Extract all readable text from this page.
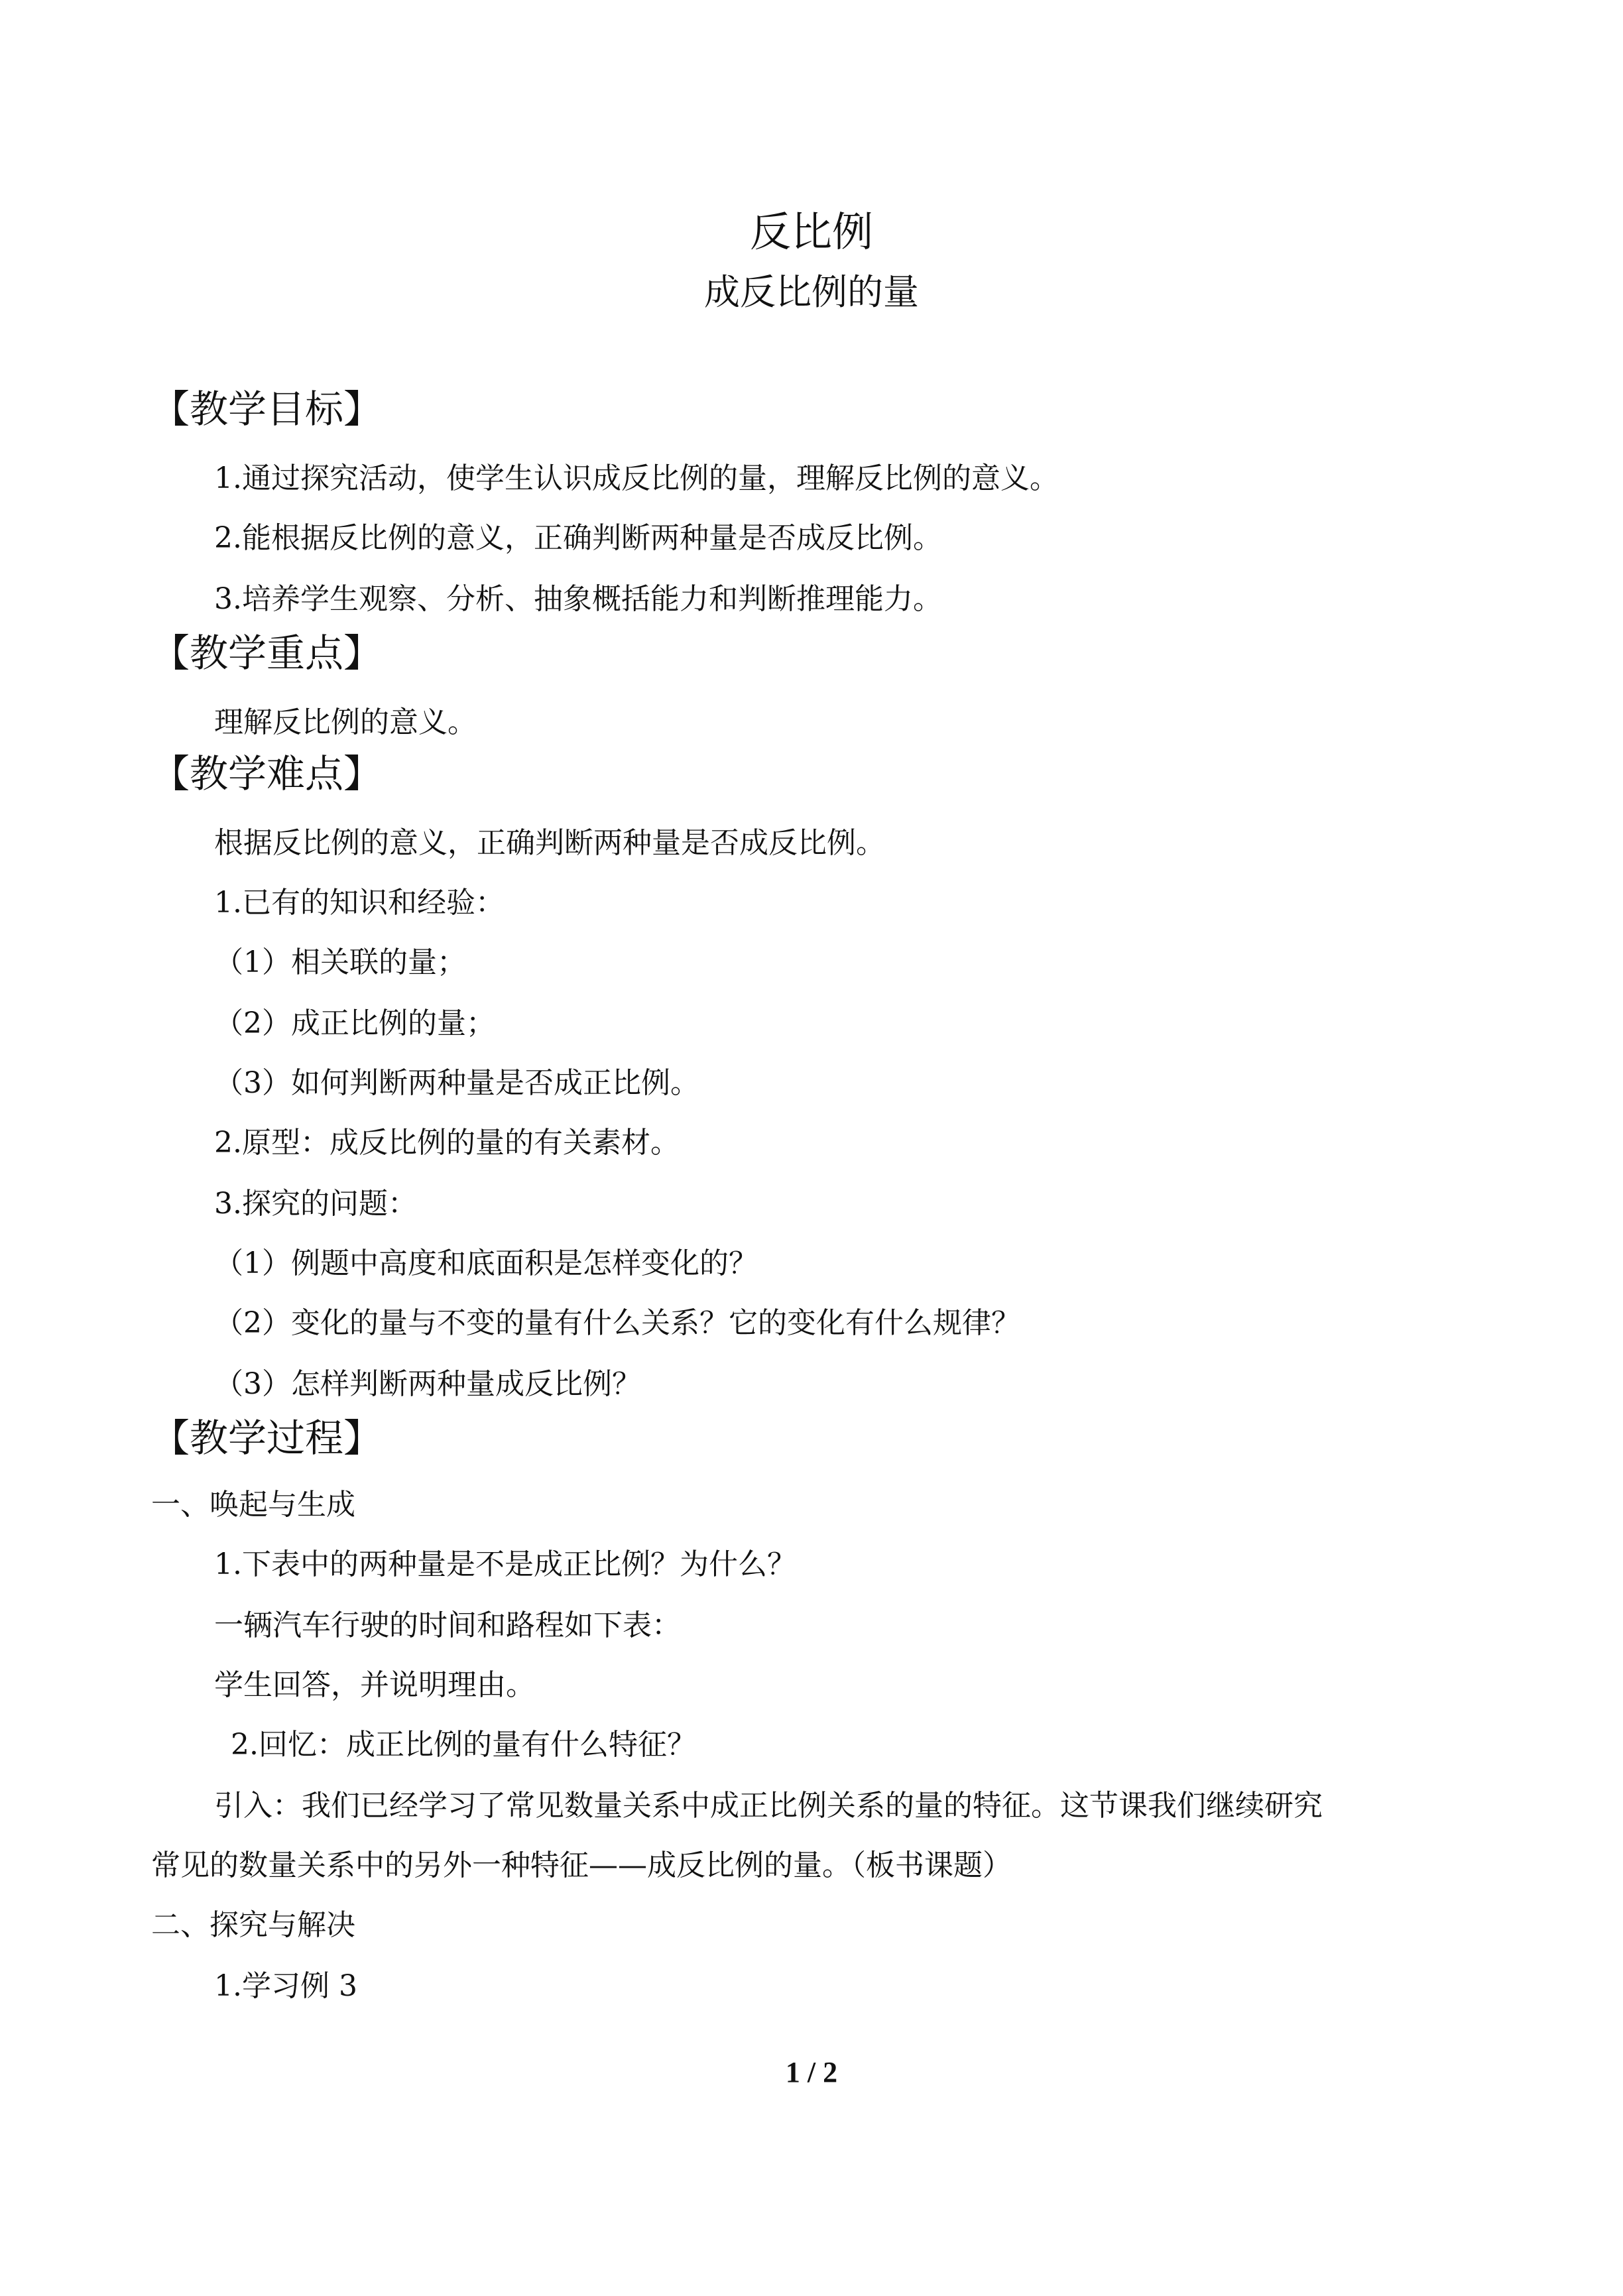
反比例
成反比例的量
【教学目标】
1.通过探究活动，使学生认识成反比例的量，理解反比例的意义。
2.能根据反比例的意义，正确判断两种量是否成反比例。
3.培养学生观察、分析、抽象概括能力和判断推理能力。
【教学重点】
理解反比例的意义。
【教学难点】
根据反比例的意义，正确判断两种量是否成反比例。
1.已有的知识和经验：
（1）相关联的量；
（2）成正比例的量；
（3）如何判断两种量是否成正比例。
2.原型：成反比例的量的有关素材。
3.探究的问题：
（1）例题中高度和底面积是怎样变化的？
（2）变化的量与不变的量有什么关系？它的变化有什么规律？
（3）怎样判断两种量成反比例？
【教学过程】
一、唤起与生成
1.下表中的两种量是不是成正比例？为什么？
一辆汽车行驶的时间和路程如下表：
学生回答，并说明理由。
2.回忆：成正比例的量有什么特征？
引入：我们已经学习了常见数量关系中成正比例关系的量的特征。这节课我们继续研究
常见的数量关系中的另外一种特征——成反比例的量。（板书课题）
二、探究与解决
1.学习例 3
1 / 2
